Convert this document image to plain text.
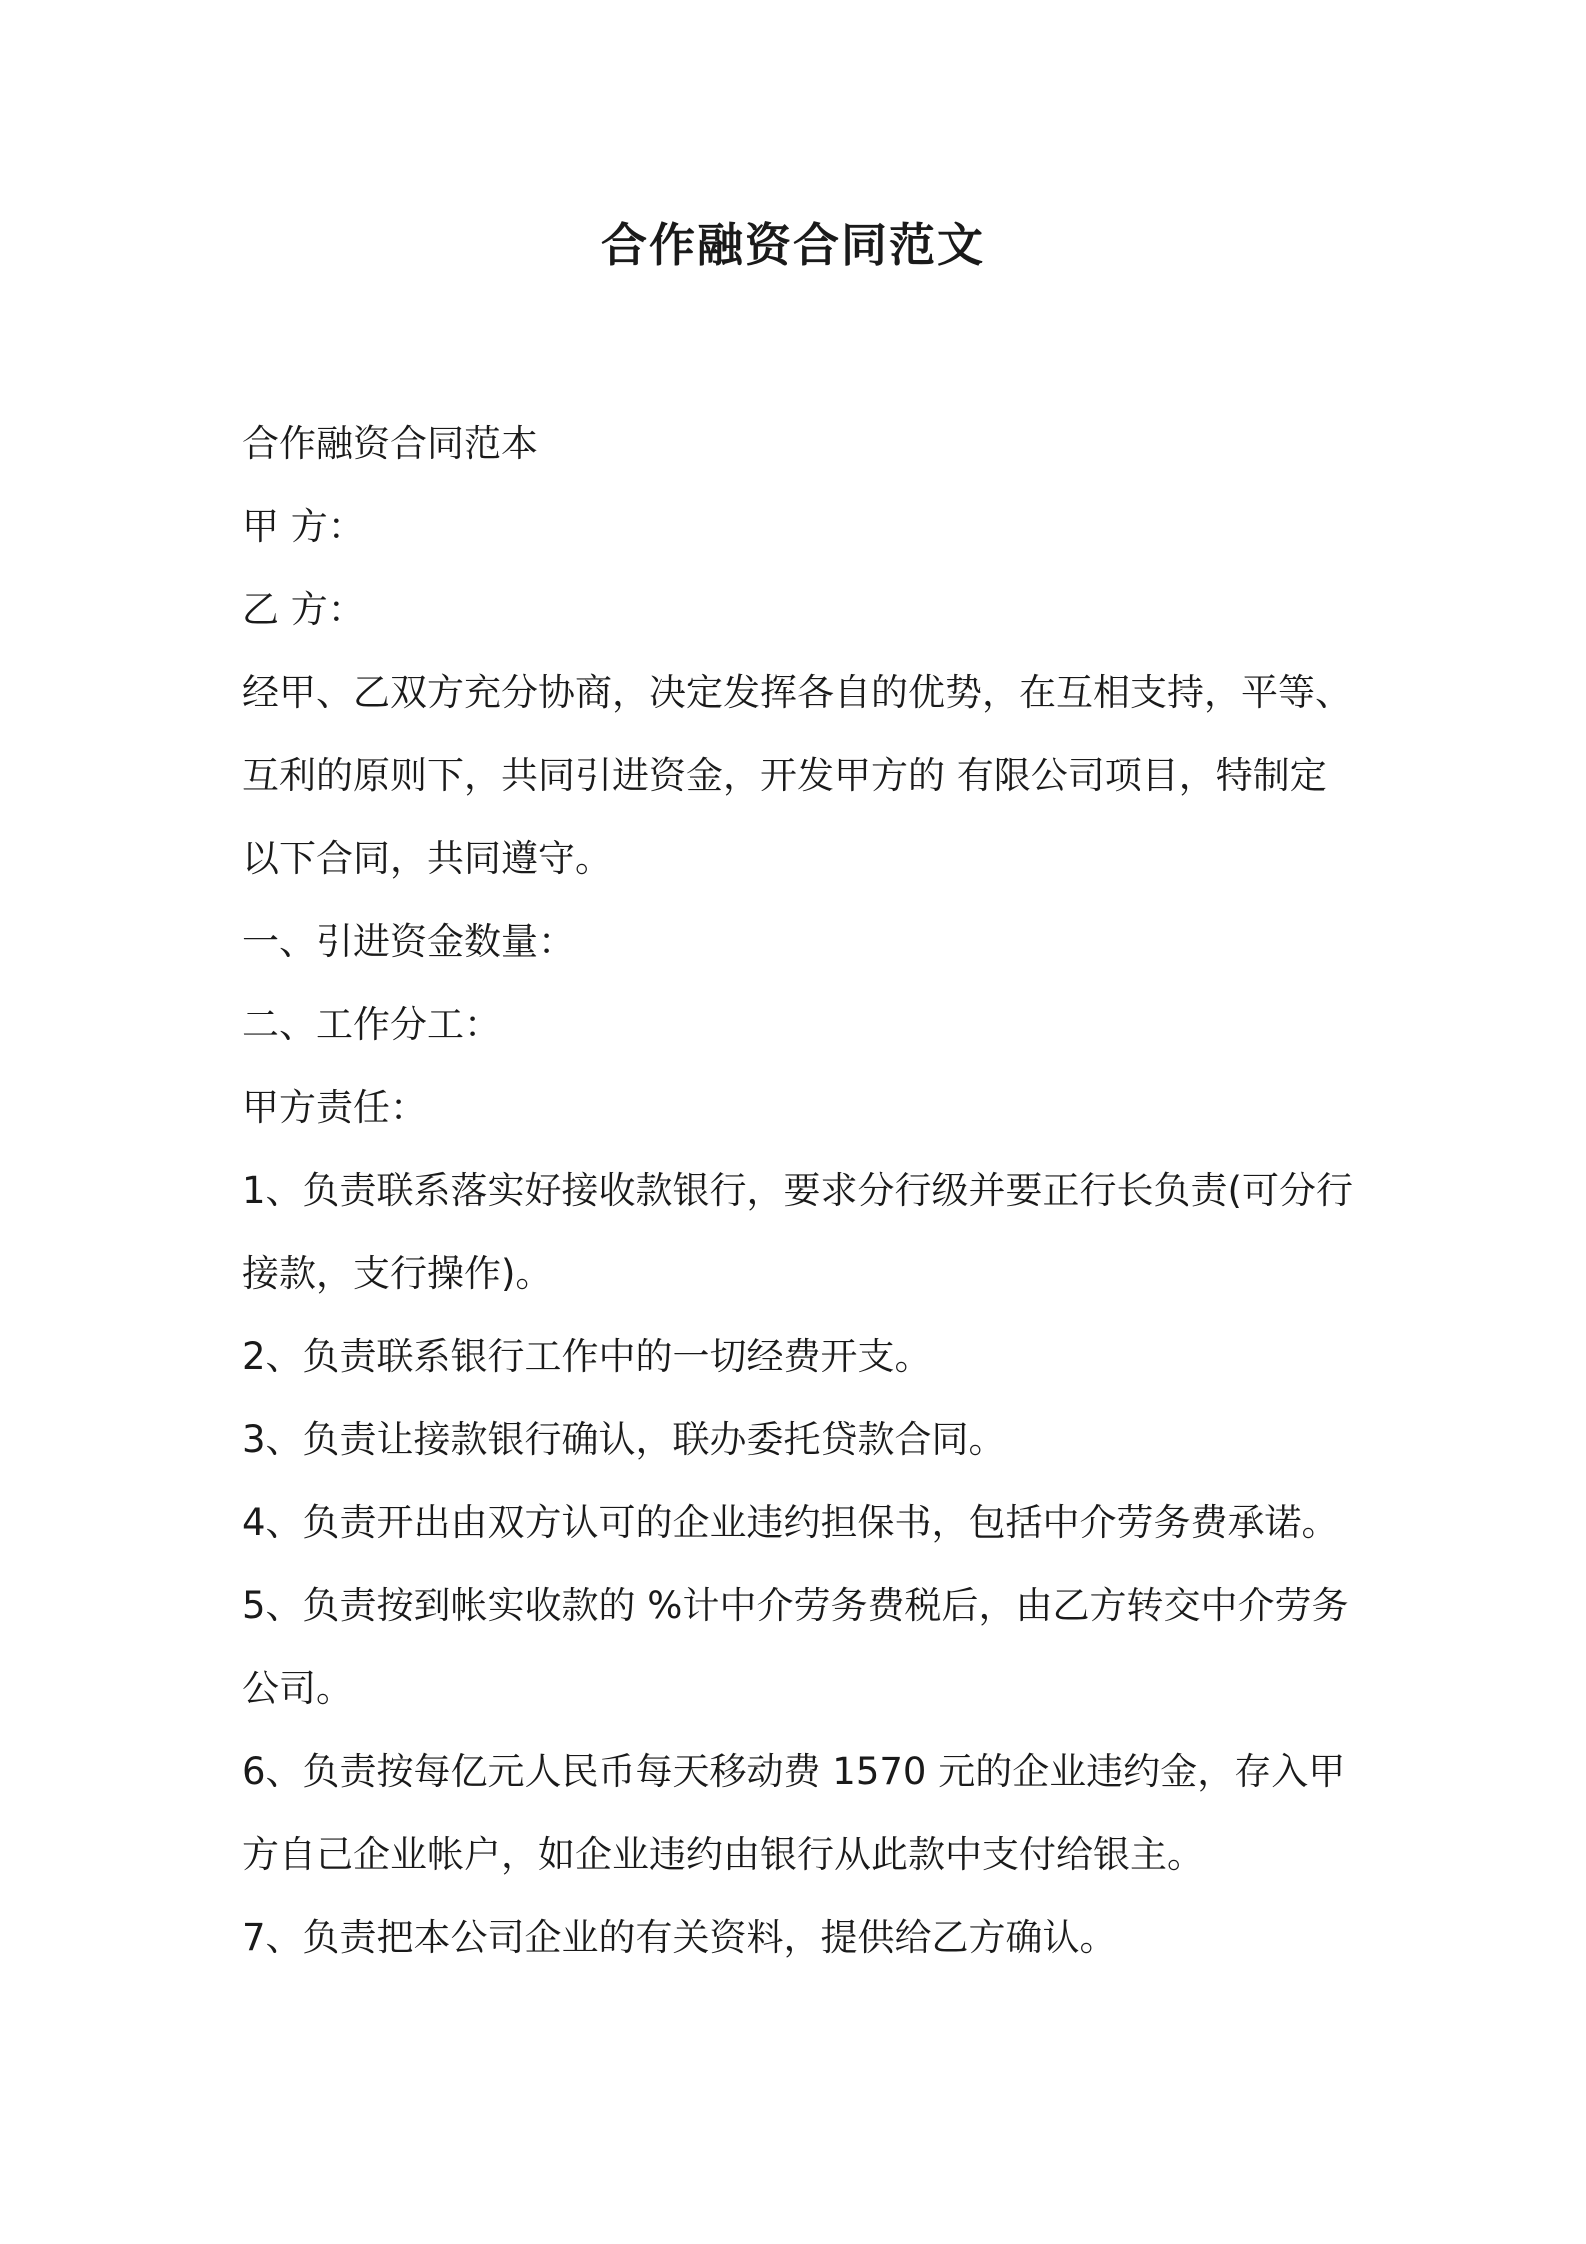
合作融资合同范文
合作融资合同范本
甲 方：
乙 方：
经甲、乙双方充分协商，决定发挥各自的优势，在互相支持，平等、
互利的原则下，共同引进资金，开发甲方的 有限公司项目，特制定
以下合同，共同遵守。
一、引进资金数量：
二、工作分工：
甲方责任：
1、负责联系落实好接收款银行，要求分行级并要正行长负责(可分行
接款，支行操作)。
2、负责联系银行工作中的一切经费开支。
3、负责让接款银行确认，联办委托贷款合同。
4、负责开出由双方认可的企业违约担保书，包括中介劳务费承诺。
5、负责按到帐实收款的 %计中介劳务费税后，由乙方转交中介劳务
公司。
6、负责按每亿元人民币每天移动费 1570 元的企业违约金，存入甲
方自己企业帐户，如企业违约由银行从此款中支付给银主。
7、负责把本公司企业的有关资料，提供给乙方确认。
